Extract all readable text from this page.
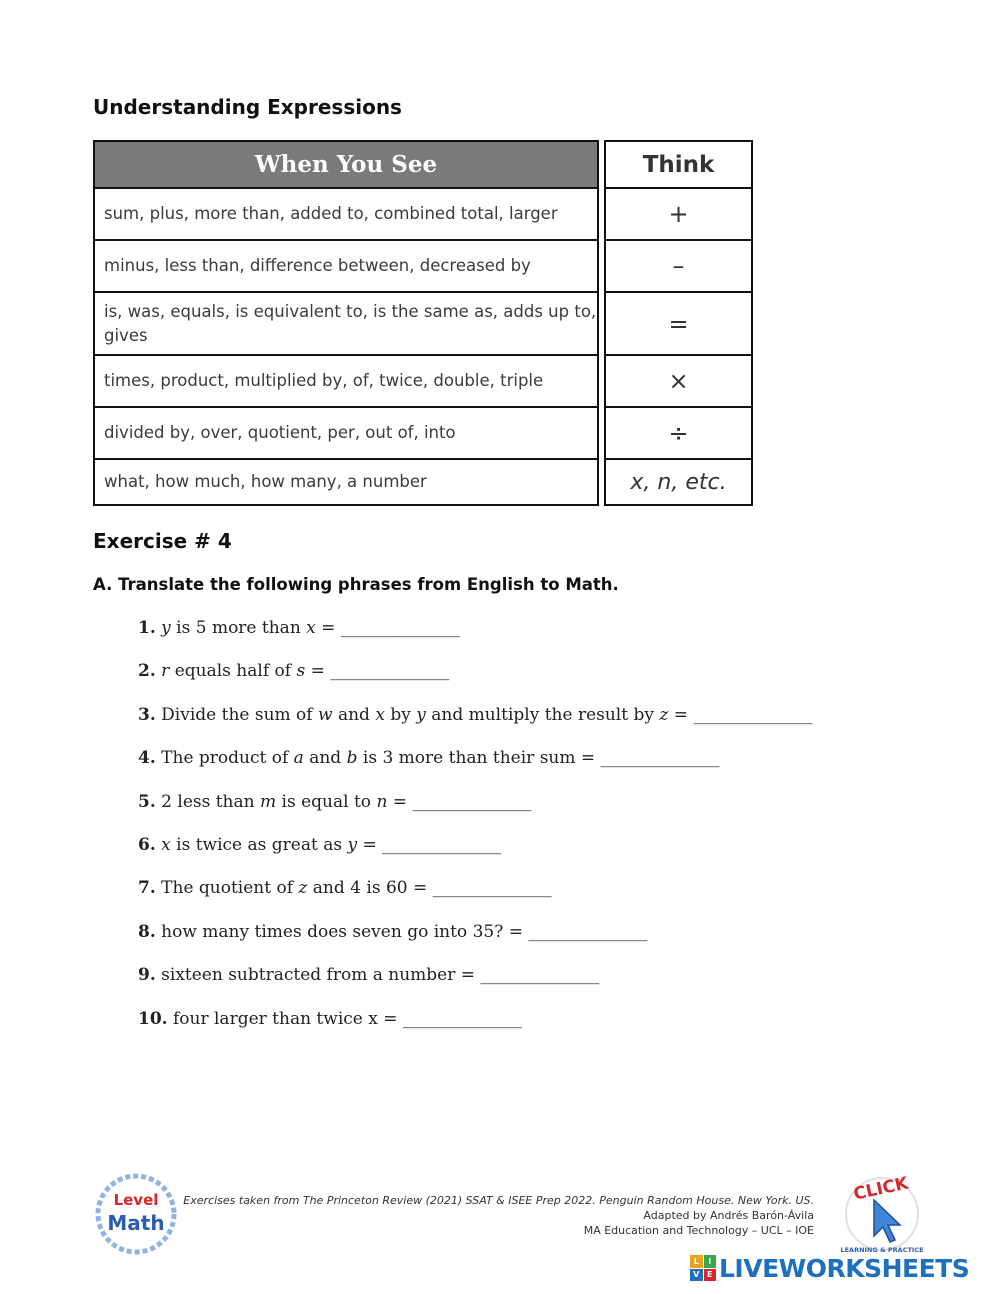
Understanding Expressions
When You See	Think
sum, plus, more than, added to, combined total, larger	+
minus, less than, difference between, decreased by	–
is, was, equals, is equivalent to, is the same as, adds up to, gives	=
times, product, multiplied by, of, twice, double, triple	×
divided by, over, quotient, per, out of, into	÷
what, how much, how many, a number	x, n, etc.
Exercise # 4

A. Translate the following phrases from English to Math.

1. y is 5 more than x = ______________

2. r equals half of s = ______________

3. Divide the sum of w and x by y and multiply the result by z = ______________

4. The product of a and b is 3 more than their sum = ______________

5. 2 less than m is equal to n = ______________

6. x is twice as great as y = ______________

7. The quotient of z and 4 is 60 = ______________

8. how many times does seven go into 35? = ______________

9. sixteen subtracted from a number = ______________

10. four larger than twice x = ______________

Level
Math
Exercises taken from The Princeton Review (2021) SSAT & ISEE Prep 2022. Penguin Random House. New York. US.
Adapted by Andrés Barón-Ávila
MA Education and Technology – UCL – IOE
CLICK
LEARNING & PRACTICE
L	I
V E LIVEWORKSHEETS
